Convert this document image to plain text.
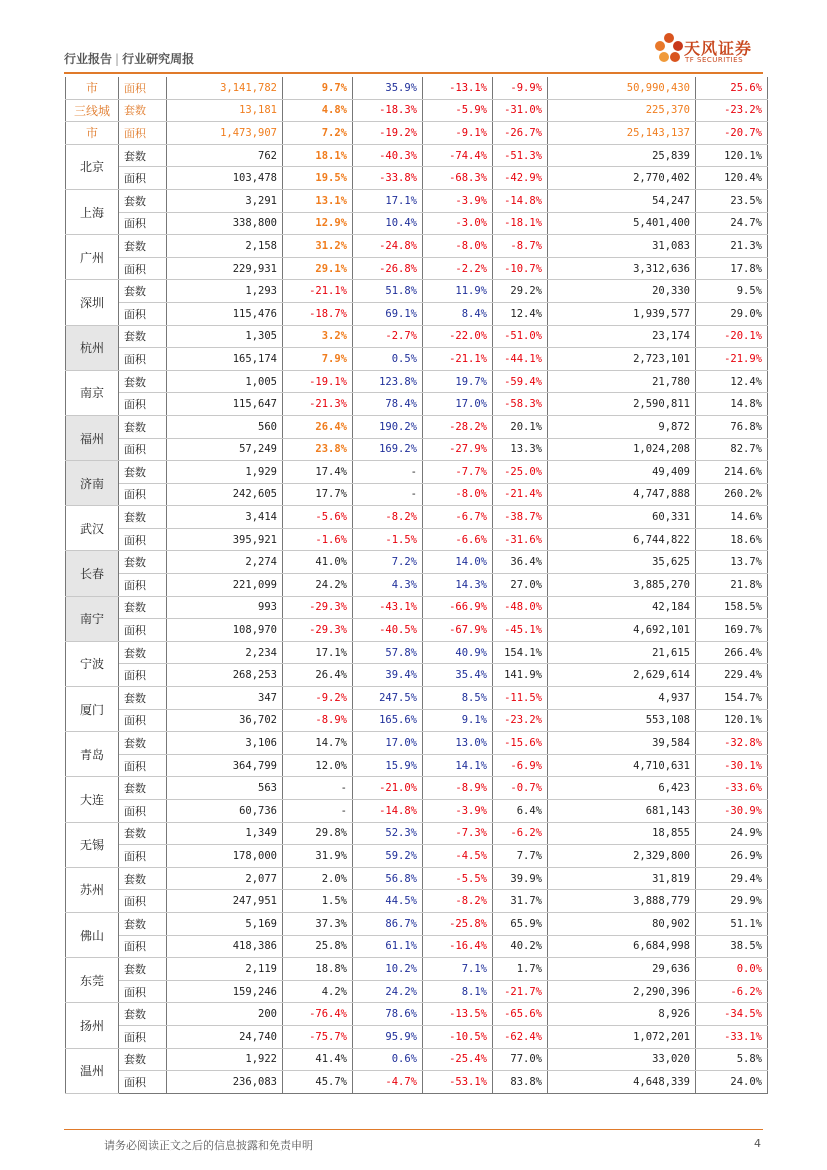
行业报告 | 行业研究周报
天风证券
TF SECURITIES
市	面积	3,141,782	9.7%	35.9%	-13.1%	-9.9%	50,990,430	25.6%
三线城	套数	13,181	4.8%	-18.3%	-5.9%	-31.0%	225,370	-23.2%
市	面积	1,473,907	7.2%	-19.2%	-9.1%	-26.7%	25,143,137	-20.7%
北京	套数	762	18.1%	-40.3%	-74.4%	-51.3%	25,839	120.1%
	面积	103,478	19.5%	-33.8%	-68.3%	-42.9%	2,770,402	120.4%
上海	套数	3,291	13.1%	17.1%	-3.9%	-14.8%	54,247	23.5%
	面积	338,800	12.9%	10.4%	-3.0%	-18.1%	5,401,400	24.7%
广州	套数	2,158	31.2%	-24.8%	-8.0%	-8.7%	31,083	21.3%
	面积	229,931	29.1%	-26.8%	-2.2%	-10.7%	3,312,636	17.8%
深圳	套数	1,293	-21.1%	51.8%	11.9%	29.2%	20,330	9.5%
	面积	115,476	-18.7%	69.1%	8.4%	12.4%	1,939,577	29.0%
杭州	套数	1,305	3.2%	-2.7%	-22.0%	-51.0%	23,174	-20.1%
	面积	165,174	7.9%	0.5%	-21.1%	-44.1%	2,723,101	-21.9%
南京	套数	1,005	-19.1%	123.8%	19.7%	-59.4%	21,780	12.4%
	面积	115,647	-21.3%	78.4%	17.0%	-58.3%	2,590,811	14.8%
福州	套数	560	26.4%	190.2%	-28.2%	20.1%	9,872	76.8%
	面积	57,249	23.8%	169.2%	-27.9%	13.3%	1,024,208	82.7%
济南	套数	1,929	17.4%	-	-7.7%	-25.0%	49,409	214.6%
	面积	242,605	17.7%	-	-8.0%	-21.4%	4,747,888	260.2%
武汉	套数	3,414	-5.6%	-8.2%	-6.7%	-38.7%	60,331	14.6%
	面积	395,921	-1.6%	-1.5%	-6.6%	-31.6%	6,744,822	18.6%
长春	套数	2,274	41.0%	7.2%	14.0%	36.4%	35,625	13.7%
	面积	221,099	24.2%	4.3%	14.3%	27.0%	3,885,270	21.8%
南宁	套数	993	-29.3%	-43.1%	-66.9%	-48.0%	42,184	158.5%
	面积	108,970	-29.3%	-40.5%	-67.9%	-45.1%	4,692,101	169.7%
宁波	套数	2,234	17.1%	57.8%	40.9%	154.1%	21,615	266.4%
	面积	268,253	26.4%	39.4%	35.4%	141.9%	2,629,614	229.4%
厦门	套数	347	-9.2%	247.5%	8.5%	-11.5%	4,937	154.7%
	面积	36,702	-8.9%	165.6%	9.1%	-23.2%	553,108	120.1%
青岛	套数	3,106	14.7%	17.0%	13.0%	-15.6%	39,584	-32.8%
	面积	364,799	12.0%	15.9%	14.1%	-6.9%	4,710,631	-30.1%
大连	套数	563	-	-21.0%	-8.9%	-0.7%	6,423	-33.6%
	面积	60,736	-	-14.8%	-3.9%	6.4%	681,143	-30.9%
无锡	套数	1,349	29.8%	52.3%	-7.3%	-6.2%	18,855	24.9%
	面积	178,000	31.9%	59.2%	-4.5%	7.7%	2,329,800	26.9%
苏州	套数	2,077	2.0%	56.8%	-5.5%	39.9%	31,819	29.4%
	面积	247,951	1.5%	44.5%	-8.2%	31.7%	3,888,779	29.9%
佛山	套数	5,169	37.3%	86.7%	-25.8%	65.9%	80,902	51.1%
	面积	418,386	25.8%	61.1%	-16.4%	40.2%	6,684,998	38.5%
东莞	套数	2,119	18.8%	10.2%	7.1%	1.7%	29,636	0.0%
	面积	159,246	4.2%	24.2%	8.1%	-21.7%	2,290,396	-6.2%
扬州	套数	200	-76.4%	78.6%	-13.5%	-65.6%	8,926	-34.5%
	面积	24,740	-75.7%	95.9%	-10.5%	-62.4%	1,072,201	-33.1%
温州	套数	1,922	41.4%	0.6%	-25.4%	77.0%	33,020	5.8%
	面积	236,083	45.7%	-4.7%	-53.1%	83.8%	4,648,339	24.0%
请务必阅读正文之后的信息披露和免责申明	4
